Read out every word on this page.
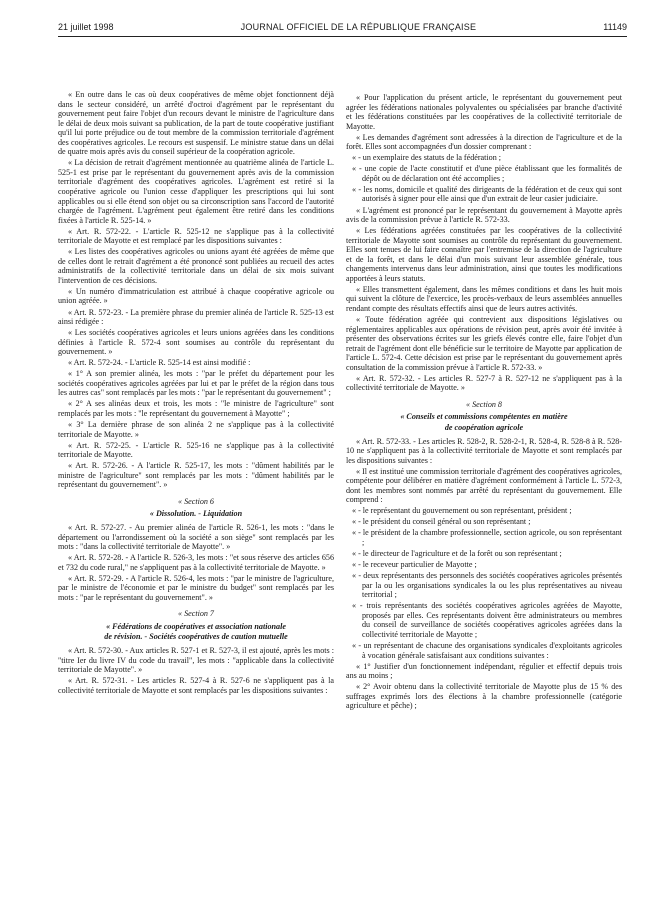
21 juillet 1998	JOURNAL OFFICIEL DE LA RÉPUBLIQUE FRANÇAISE	11149

« En outre dans le cas où deux coopératives de même objet fonctionnent déjà dans le secteur considéré, un arrêté d'octroi d'agrément par le représentant du gouvernement peut faire l'objet d'un recours devant le ministre de l'agriculture dans le délai de deux mois suivant sa publication, de la part de toute coopérative justifiant qu'il lui porte préjudice ou de tout membre de la commission territoriale d'agrément des coopératives agricoles. Le recours est suspensif. Le ministre statue dans un délai de quatre mois après avis du conseil supérieur de la coopération agricole.

« La décision de retrait d'agrément mentionnée au quatrième alinéa de l'article L. 525-1 est prise par le représentant du gouvernement après avis de la commission territoriale d'agrément des coopératives agricoles. L'agrément est retiré si la coopérative agricole ou l'union cesse d'appliquer les prescriptions qui lui sont applicables ou si elle étend son objet ou sa circonscription sans l'accord de l'autorité chargée de l'agrément. L'agrément peut également être retiré dans les conditions fixées à l'article R. 525-14. »

« Art. R. 572-22. - L'article R. 525-12 ne s'applique pas à la collectivité territoriale de Mayotte et est remplacé par les dispositions suivantes :

« Les listes des coopératives agricoles ou unions ayant été agréées de même que de celles dont le retrait d'agrément a été prononcé sont publiées au recueil des actes administratifs de la collectivité territoriale dans un délai de six mois suivant l'intervention de ces décisions.

« Un numéro d'immatriculation est attribué à chaque coopérative agricole ou union agréée. »

« Art. R. 572-23. - La première phrase du premier alinéa de l'article R. 525-13 est ainsi rédigée :

« Les sociétés coopératives agricoles et leurs unions agréées dans les conditions définies à l'article R. 572-4 sont soumises au contrôle du représentant du gouvernement. »

« Art. R. 572-24. - L'article R. 525-14 est ainsi modifié :

« 1° A son premier alinéa, les mots : "par le préfet du département pour les sociétés coopératives agricoles agréées par lui et par le préfet de la région dans tous les autres cas" sont remplacés par les mots : "par le représentant du gouvernement" ;

« 2° A ses alinéas deux et trois, les mots : "le ministre de l'agriculture" sont remplacés par les mots : "le représentant du gouvernement à Mayotte" ;

« 3° La dernière phrase de son alinéa 2 ne s'applique pas à la collectivité territoriale de Mayotte. »

« Art. R. 572-25. - L'article R. 525-16 ne s'applique pas à la collectivité territoriale de Mayotte.

« Art. R. 572-26. - A l'article R. 525-17, les mots : "dûment habilités par le ministre de l'agriculture" sont remplacés par les mots : "dûment habilités par le représentant du gouvernement". »

« Section 6

« Dissolution. - Liquidation

« Art. R. 572-27. - Au premier alinéa de l'article R. 526-1, les mots : "dans le département ou l'arrondissement où la société a son siège" sont remplacés par les mots : "dans la collectivité territoriale de Mayotte". »

« Art. R. 572-28. - A l'article R. 526-3, les mots : "et sous réserve des articles 656 et 732 du code rural," ne s'appliquent pas à la collectivité territoriale de Mayotte. »

« Art. R. 572-29. - A l'article R. 526-4, les mots : "par le ministre de l'agriculture, par le ministre de l'économie et par le ministre du budget" sont remplacés par les mots : "par le représentant du gouvernement". »

« Section 7

« Fédérations de coopératives et association nationale

de révision. - Sociétés coopératives de caution mutuelle

« Art. R. 572-30. - Aux articles R. 527-1 et R. 527-3, il est ajouté, après les mots : "titre Ier du livre IV du code du travail", les mots : "applicable dans la collectivité territoriale de Mayotte". »

« Art. R. 572-31. - Les articles R. 527-4 à R. 527-6 ne s'appliquent pas à la collectivité territoriale de Mayotte et sont remplacés par les dispositions suivantes :

« Pour l'application du présent article, le représentant du gouvernement peut agréer les fédérations nationales polyvalentes ou spécialisées par branche d'activité et les fédérations constituées par les coopératives de la collectivité territoriale de Mayotte.

« Les demandes d'agrément sont adressées à la direction de l'agriculture et de la forêt. Elles sont accompagnées d'un dossier comprenant :

« - un exemplaire des statuts de la fédération ;

« - une copie de l'acte constitutif et d'une pièce établissant que les formalités de dépôt ou de déclaration ont été accomplies ;

« - les noms, domicile et qualité des dirigeants de la fédération et de ceux qui sont autorisés à signer pour elle ainsi que d'un extrait de leur casier judiciaire.

« L'agrément est prononcé par le représentant du gouvernement à Mayotte après avis de la commission prévue à l'article R. 572-33.

« Les fédérations agréées constituées par les coopératives de la collectivité territoriale de Mayotte sont soumises au contrôle du représentant du gouvernement. Elles sont tenues de lui faire connaître par l'entremise de la direction de l'agriculture et de la forêt, et dans le délai d'un mois suivant leur assemblée générale, tous changements intervenus dans leur administration, ainsi que toutes les modifications apportées à leurs statuts.

« Elles transmettent également, dans les mêmes conditions et dans les huit mois qui suivent la clôture de l'exercice, les procès-verbaux de leurs assemblées annuelles rendant compte des résultats effectifs ainsi que de leurs autres activités.

« Toute fédération agréée qui contrevient aux dispositions législatives ou réglementaires applicables aux opérations de révision peut, après avoir été invitée à présenter des observations écrites sur les griefs élevés contre elle, faire l'objet d'un retrait de l'agrément dont elle bénéficie sur le territoire de Mayotte par application de l'article L. 572-4. Cette décision est prise par le représentant du gouvernement après consultation de la commission prévue à l'article R. 572-33. »

« Art. R. 572-32. - Les articles R. 527-7 à R. 527-12 ne s'appliquent pas à la collectivité territoriale de Mayotte. »

« Section 8

« Conseils et commissions compétentes en matière

de coopération agricole

« Art. R. 572-33. - Les articles R. 528-2, R. 528-2-1, R. 528-4, R. 528-8 à R. 528-10 ne s'appliquent pas à la collectivité territoriale de Mayotte et sont remplacés par les dispositions suivantes :

« Il est institué une commission territoriale d'agrément des coopératives agricoles, compétente pour délibérer en matière d'agrément conformément à l'article L. 572-3, dont les membres sont nommés par arrêté du représentant du gouvernement. Elle comprend :

« - le représentant du gouvernement ou son représentant, président ;

« - le président du conseil général ou son représentant ;

« - le président de la chambre professionnelle, section agricole, ou son représentant ;

« - le directeur de l'agriculture et de la forêt ou son représentant ;

« - le receveur particulier de Mayotte ;

« - deux représentants des personnels des sociétés coopératives agricoles présentés par la ou les organisations syndicales la ou les plus représentatives au niveau territorial ;

« - trois représentants des sociétés coopératives agricoles agréées de Mayotte, proposés par elles. Ces représentants doivent être administrateurs ou membres du conseil de surveillance de sociétés coopératives agricoles agréées dans la collectivité territoriale de Mayotte ;

« - un représentant de chacune des organisations syndicales d'exploitants agricoles à vocation générale satisfaisant aux conditions suivantes :

« 1° Justifier d'un fonctionnement indépendant, régulier et effectif depuis trois ans au moins ;

« 2° Avoir obtenu dans la collectivité territoriale de Mayotte plus de 15 % des suffrages exprimés lors des élections à la chambre professionnelle (catégorie agriculture et pêche) ;
